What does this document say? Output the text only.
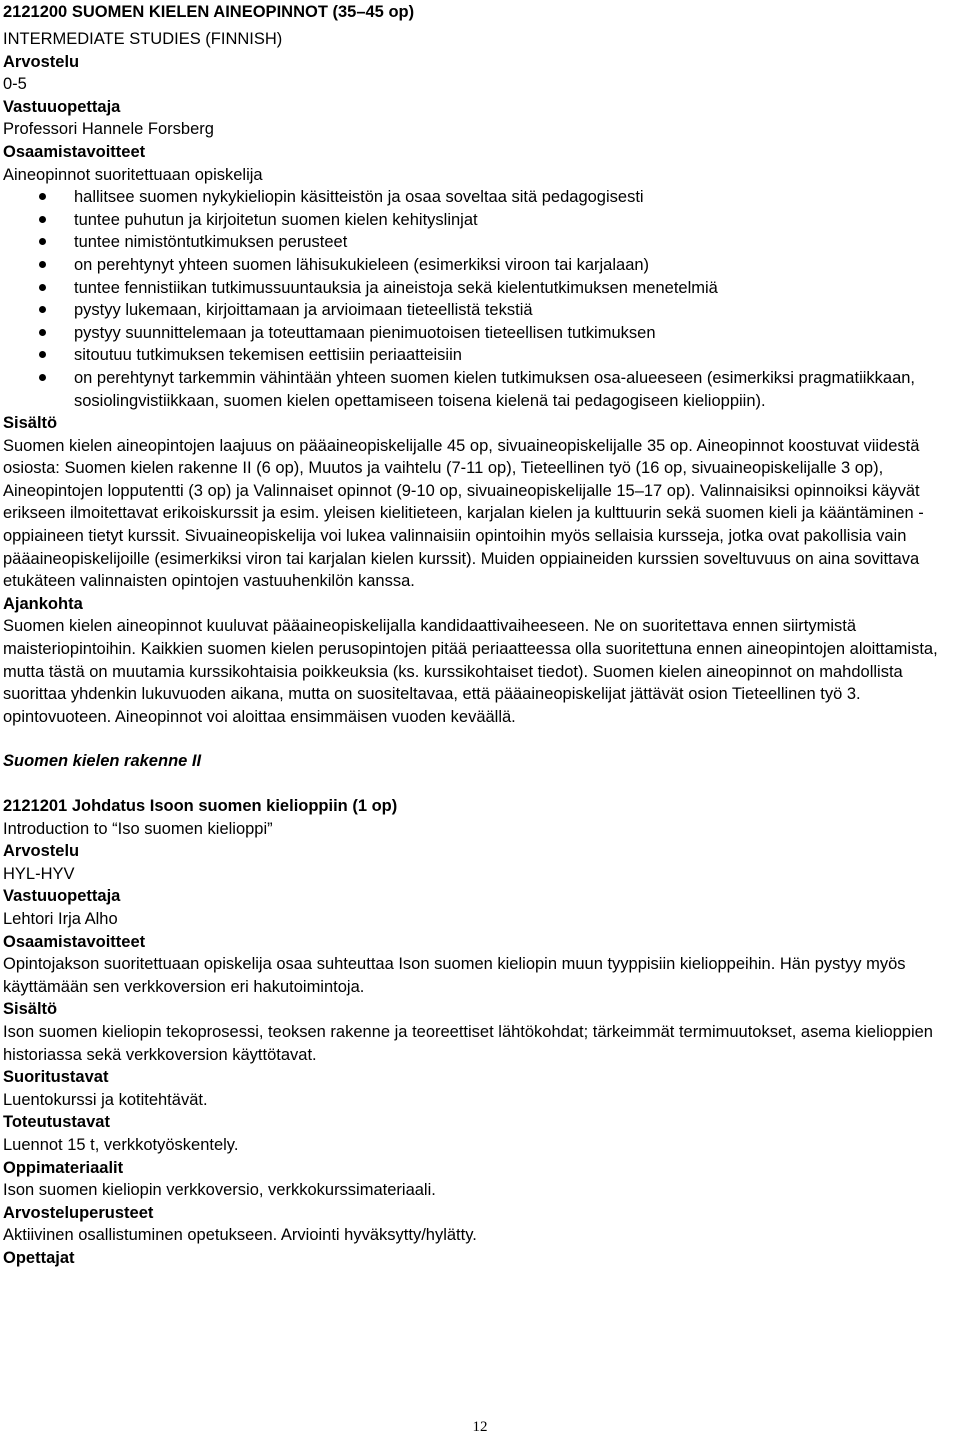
2121200 SUOMEN KIELEN AINEOPINNOT (35–45 op)

INTERMEDIATE STUDIES (FINNISH)

Arvostelu

0-5

Vastuuopettaja

Professori Hannele Forsberg

Osaamistavoitteet

Aineopinnot suoritettuaan opiskelija

hallitsee suomen nykykieliopin käsitteistön ja osaa soveltaa sitä pedagogisesti
tuntee puhutun ja kirjoitetun suomen kielen kehityslinjat
tuntee nimistöntutkimuksen perusteet
on perehtynyt yhteen suomen lähisukukieleen (esimerkiksi viroon tai karjalaan)
tuntee fennistiikan tutkimussuuntauksia ja aineistoja sekä kielentutkimuksen menetelmiä
pystyy lukemaan, kirjoittamaan ja arvioimaan tieteellistä tekstiä
pystyy suunnittelemaan ja toteuttamaan pienimuotoisen tieteellisen tutkimuksen
sitoutuu tutkimuksen tekemisen eettisiin periaatteisiin
on perehtynyt tarkemmin vähintään yhteen suomen kielen tutkimuksen osa-alueeseen (esimerkiksi pragmatiikkaan, sosiolingvistiikkaan, suomen kielen opettamiseen toisena kielenä tai pedagogiseen kielioppiin).

Sisältö

Suomen kielen aineopintojen laajuus on pääaineopiskelijalle 45 op, sivuaineopiskelijalle 35 op. Aineopinnot koostuvat viidestä osiosta: Suomen kielen rakenne II (6 op), Muutos ja vaihtelu (7-11 op), Tieteellinen työ (16 op, sivuaineopiskelijalle 3 op), Aineopintojen lopputentti (3 op) ja Valinnaiset opinnot (9-10 op, sivuaineopiskelijalle 15–17 op). Valinnaisiksi opinnoiksi käyvät erikseen ilmoitettavat erikoiskurssit ja esim. yleisen kielitieteen, karjalan kielen ja kulttuurin sekä suomen kieli ja kääntäminen -oppiaineen tietyt kurssit. Sivuaineopiskelija voi lukea valinnaisiin opintoihin myös sellaisia kursseja, jotka ovat pakollisia vain pääaineopiskelijoille (esimerkiksi viron tai karjalan kielen kurssit). Muiden oppiaineiden kurssien soveltuvuus on aina sovittava etukäteen valinnaisten opintojen vastuuhenkilön kanssa.

Ajankohta

Suomen kielen aineopinnot kuuluvat pääaineopiskelijalla kandidaattivaiheeseen. Ne on suoritettava ennen siirtymistä maisteriopintoihin. Kaikkien suomen kielen perusopintojen pitää periaatteessa olla suoritettuna ennen aineopintojen aloittamista, mutta tästä on muutamia kurssikohtaisia poikkeuksia (ks. kurssikohtaiset tiedot). Suomen kielen aineopinnot on mahdollista suorittaa yhdenkin lukuvuoden aikana, mutta on suositeltavaa, että pääaineopiskelijat jättävät osion Tieteellinen työ 3. opintovuoteen. Aineopinnot voi aloittaa ensimmäisen vuoden keväällä.

Suomen kielen rakenne II

2121201 Johdatus Isoon suomen kielioppiin (1 op)

Introduction to “Iso suomen kielioppi”

Arvostelu

HYL-HYV

Vastuuopettaja

Lehtori Irja Alho

Osaamistavoitteet

Opintojakson suoritettuaan opiskelija osaa suhteuttaa Ison suomen kieliopin muun tyyppisiin kielioppeihin. Hän pystyy myös käyttämään sen verkkoversion eri hakutoimintoja.

Sisältö

Ison suomen kieliopin tekoprosessi, teoksen rakenne ja teoreettiset lähtökohdat; tärkeimmät termimuutokset, asema kielioppien historiassa sekä verkkoversion käyttötavat.

Suoritustavat

Luentokurssi ja kotitehtävät.

Toteutustavat

Luennot 15 t, verkkotyöskentely.

Oppimateriaalit

Ison suomen kieliopin verkkoversio, verkkokurssimateriaali.

Arvosteluperusteet

Aktiivinen osallistuminen opetukseen. Arviointi hyväksytty/hylätty.

Opettajat

12
